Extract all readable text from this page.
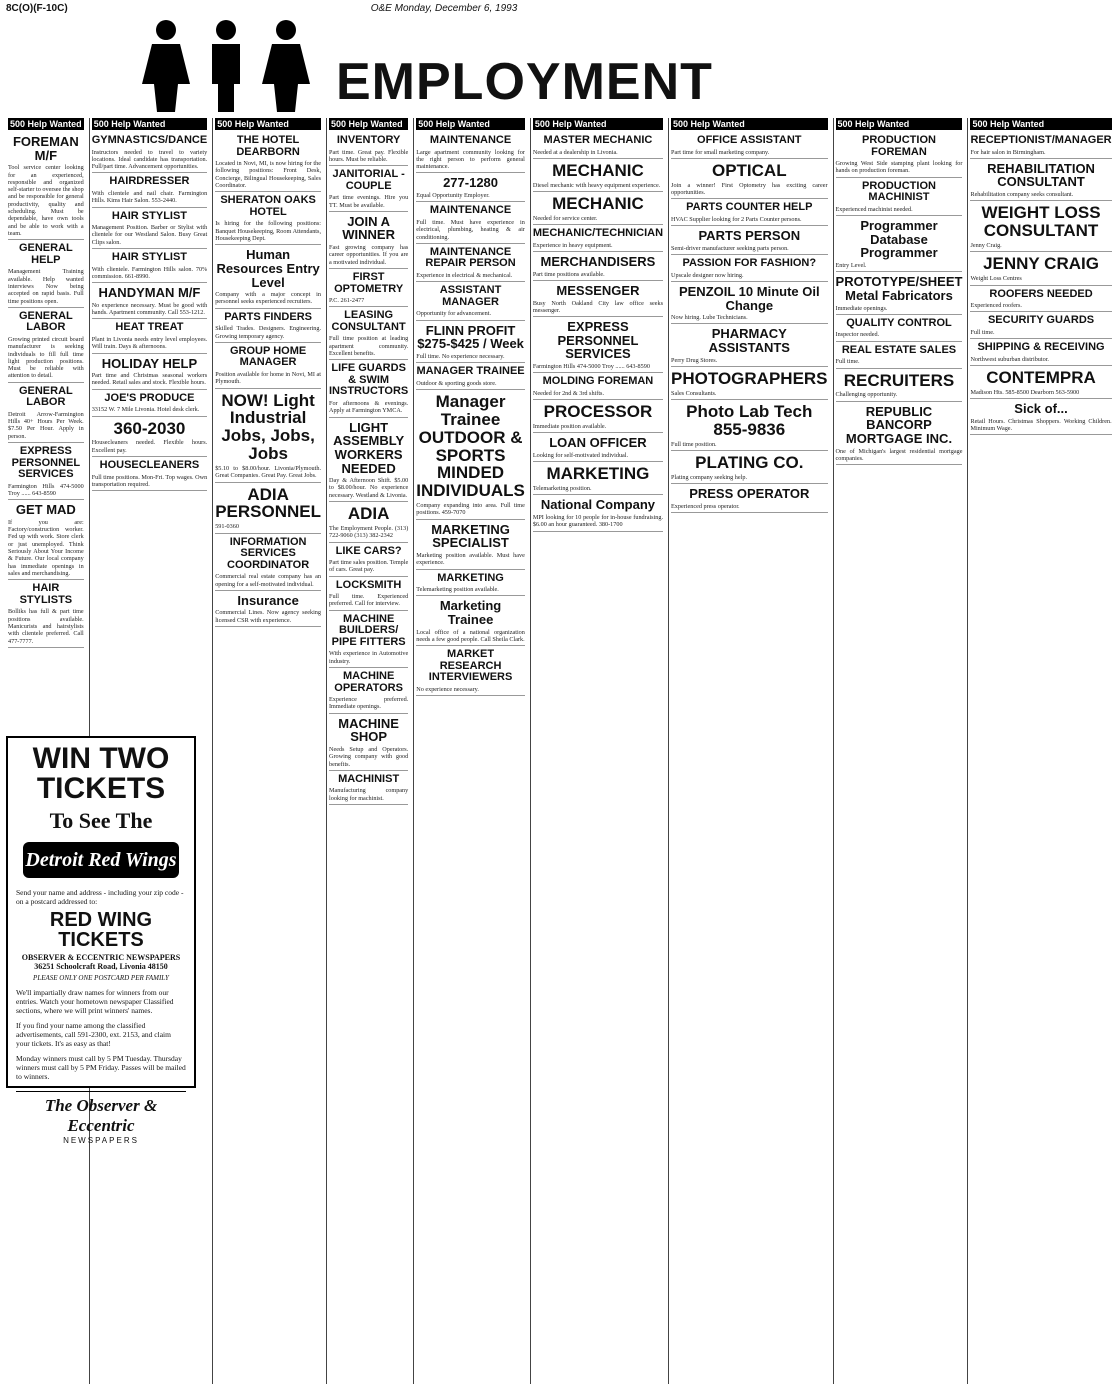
8C(O)(F-10C)	O&E Monday, December 6, 1993
EMPLOYMENT
500 Help Wanted
FOREMAN M/F
Tool service center looking for an experienced, responsible and organized self-starter to oversee the shop and be responsible for general productivity, quality and scheduling. Must be dependable, have own tools and be able to work with a team.
GENERAL HELP
Management Training available. Help wanted interviews Now being accepted on rapid basis. Full time positions open.
GENERAL LABOR
Growing printed circuit board manufacturer is seeking individuals to fill full time light production positions. Must be reliable with attention to detail.
GENERAL LABOR
Detroit Arrow-Farmington Hills 40+ Hours Per Week. $7.50 Per Hour. Apply in person.
EXPRESS PERSONNEL SERVICES
Farmington Hills 474-5000 Troy ...... 643-8590
GET MAD
If you are: Factory/construction worker. Fed up with work. Store clerk or just unemployed. Think Seriously About Your Income & Future. Our local company has immediate openings in sales and merchandising.
HAIR STYLISTS
Bolliks has full & part time positions available. Manicurists and hairstylists with clientele preferred. Call 477-7777.
500 Help Wanted
GYMNASTICS/DANCE
Instructors needed to travel to variety locations. Ideal candidate has transportation. Full/part time. Advancement opportunities.
HAIRDRESSER
With clientele and nail chair. Farmington Hills. Kims Hair Salon. 553-2440.
HAIR STYLIST
Management Position. Barber or Stylist with clientele for our Westland Salon. Busy Great Clips salon.
HAIR STYLIST
With clientele. Farmington Hills salon. 70% commission. 661-8990.
HANDYMAN M/F
No experience necessary. Must be good with hands. Apartment community. Call 553-1212.
HEAT TREAT
Plant in Livonia needs entry level employees. Will train. Days & afternoons.
HOLIDAY HELP
Part time and Christmas seasonal workers needed. Retail sales and stock. Flexible hours.
JOE'S PRODUCE
33152 W. 7 Mile Livonia. Hotel desk clerk.
360-2030
Housecleaners needed. Flexible hours. Excellent pay.
HOUSECLEANERS
Full time positions. Mon-Fri. Top wages. Own transportation required.
500 Help Wanted
THE HOTEL DEARBORN
Located in Novi, MI, is now hiring for the following positions: Front Desk, Concierge, Bilingual Housekeeping, Sales Coordinator.
SHERATON OAKS HOTEL
Is hiring for the following positions: Banquet Housekeeping, Room Attendants, Housekeeping Dept.
Human Resources Entry Level
Company with a major concept in personnel seeks experienced recruiters.
PARTS FINDERS
Skilled Trades. Designers. Engineering. Growing temporary agency.
GROUP HOME MANAGER
Position available for home in Novi, MI at Plymouth.
NOW! Light Industrial Jobs, Jobs, Jobs
$5.10 to $8.00/hour. Livonia/Plymouth. Great Companies. Great Pay. Great Jobs.
ADIA PERSONNEL
591-0360
INFORMATION SERVICES COORDINATOR
Commercial real estate company has an opening for a self-motivated individual.
Insurance
Commercial Lines. Now agency seeking licensed CSR with experience.
500 Help Wanted
INVENTORY
Part time. Great pay. Flexible hours. Must be reliable.
JANITORIAL - COUPLE
Part time evenings. Hire you TT. Must be available.
JOIN A WINNER
Fast growing company has career opportunities. If you are a motivated individual.
FIRST OPTOMETRY
P.C. 261-2477
LEASING CONSULTANT
Full time position at leading apartment community. Excellent benefits.
LIFE GUARDS & SWIM INSTRUCTORS
For afternoons & evenings. Apply at Farmington YMCA.
LIGHT ASSEMBLY WORKERS NEEDED
Day & Afternoon Shift. $5.00 to $8.00/hour. No experience necessary. Westland & Livonia.
ADIA
The Employment People. (313) 722-9060 (313) 382-2342
LIKE CARS?
Part time sales position. Temple of cars. Great pay.
LOCKSMITH
Full time. Experienced preferred. Call for interview.
MACHINE BUILDERS/ PIPE FITTERS
With experience in Automotive industry.
MACHINE OPERATORS
Experience preferred. Immediate openings.
MACHINE SHOP
Needs Setup and Operators. Growing company with good benefits.
MACHINIST
Manufacturing company looking for machinist.
500 Help Wanted
MAINTENANCE
Large apartment community looking for the right person to perform general maintenance.
277-1280
Equal Opportunity Employer.
MAINTENANCE
Full time. Must have experience in electrical, plumbing, heating & air conditioning.
MAINTENANCE REPAIR PERSON
Experience in electrical & mechanical.
ASSISTANT MANAGER
Opportunity for advancement.
FLINN PROFIT $275-$425 / Week
Full time. No experience necessary.
MANAGER TRAINEE
Outdoor & sporting goods store.
Manager Trainee OUTDOOR & SPORTS MINDED INDIVIDUALS
Company expanding into area. Full time positions. 459-7070
MARKETING SPECIALIST
Marketing position available. Must have experience.
MARKETING
Telemarketing position available.
Marketing Trainee
Local office of a national organization needs a few good people. Call Sheila Clark.
MARKET RESEARCH INTERVIEWERS
No experience necessary.
500 Help Wanted
MASTER MECHANIC
Needed at a dealership in Livonia.
MECHANIC
Diesel mechanic with heavy equipment experience.
MECHANIC
Needed for service center.
MECHANIC/TECHNICIAN
Experience in heavy equipment.
MERCHANDISERS
Part time positions available.
MESSENGER
Busy North Oakland City law office seeks messenger.
EXPRESS PERSONNEL SERVICES
Farmington Hills 474-5000 Troy ...... 643-8590
MOLDING FOREMAN
Needed for 2nd & 3rd shifts.
PROCESSOR
Immediate position available.
LOAN OFFICER
Looking for self-motivated individual.
MARKETING
Telemarketing position.
National Company
MPI looking for 10 people for in-house fundraising. $6.00 an hour guaranteed. 380-1700
500 Help Wanted
OFFICE ASSISTANT
Part time for small marketing company.
OPTICAL
Join a winner! First Optometry has exciting career opportunities.
PARTS COUNTER HELP
HVAC Supplier looking for 2 Parts Counter persons.
PARTS PERSON
Semi-driver manufacturer seeking parts person.
PASSION FOR FASHION?
Upscale designer now hiring.
PENZOIL 10 Minute Oil Change
Now hiring. Lube Technicians.
PHARMACY ASSISTANTS
Perry Drug Stores.
PHOTOGRAPHERS
Sales Consultants.
Photo Lab Tech 855-9836
Full time position.
PLATING CO.
Plating company seeking help.
PRESS OPERATOR
Experienced press operator.
500 Help Wanted
PRODUCTION FOREMAN
Growing West Side stamping plant looking for hands on production foreman.
PRODUCTION MACHINIST
Experienced machinist needed.
Programmer Database Programmer
Entry Level.
PROTOTYPE/SHEET Metal Fabricators
Immediate openings.
QUALITY CONTROL
Inspector needed.
REAL ESTATE SALES
Full time.
RECRUITERS
Challenging opportunity.
REPUBLIC BANCORP MORTGAGE INC.
One of Michigan's largest residential mortgage companies.
500 Help Wanted
RECEPTIONIST/MANAGER
For hair salon in Birmingham.
REHABILITATION CONSULTANT
Rehabilitation company seeks consultant.
WEIGHT LOSS CONSULTANT
Jenny Craig.
JENNY CRAIG
Weight Loss Centres
ROOFERS NEEDED
Experienced roofers.
SECURITY GUARDS
Full time.
SHIPPING & RECEIVING
Northwest suburban distributor.
CONTEMPRA
Madison Hts. 585-8500 Dearborn 563-5900
Sick of...
Retail Hours. Christmas Shoppers. Working Children. Minimum Wage.
WIN TWO TICKETS
To See The
Detroit Red Wings
Send your name and address - including your zip code - on a postcard addressed to:
RED WING TICKETS
OBSERVER & ECCENTRIC NEWSPAPERS 36251 Schoolcraft Road, Livonia 48150
PLEASE ONLY ONE POSTCARD PER FAMILY
We'll impartially draw names for winners from our entries. Watch your hometown newspaper Classified sections, where we will print winners' names.
If you find your name among the classified advertisements, call 591-2300, ext. 2153, and claim your tickets. It's as easy as that!
Monday winners must call by 5 PM Tuesday. Thursday winners must call by 5 PM Friday. Passes will be mailed to winners.
The Observer & Eccentric
NEWSPAPERS
